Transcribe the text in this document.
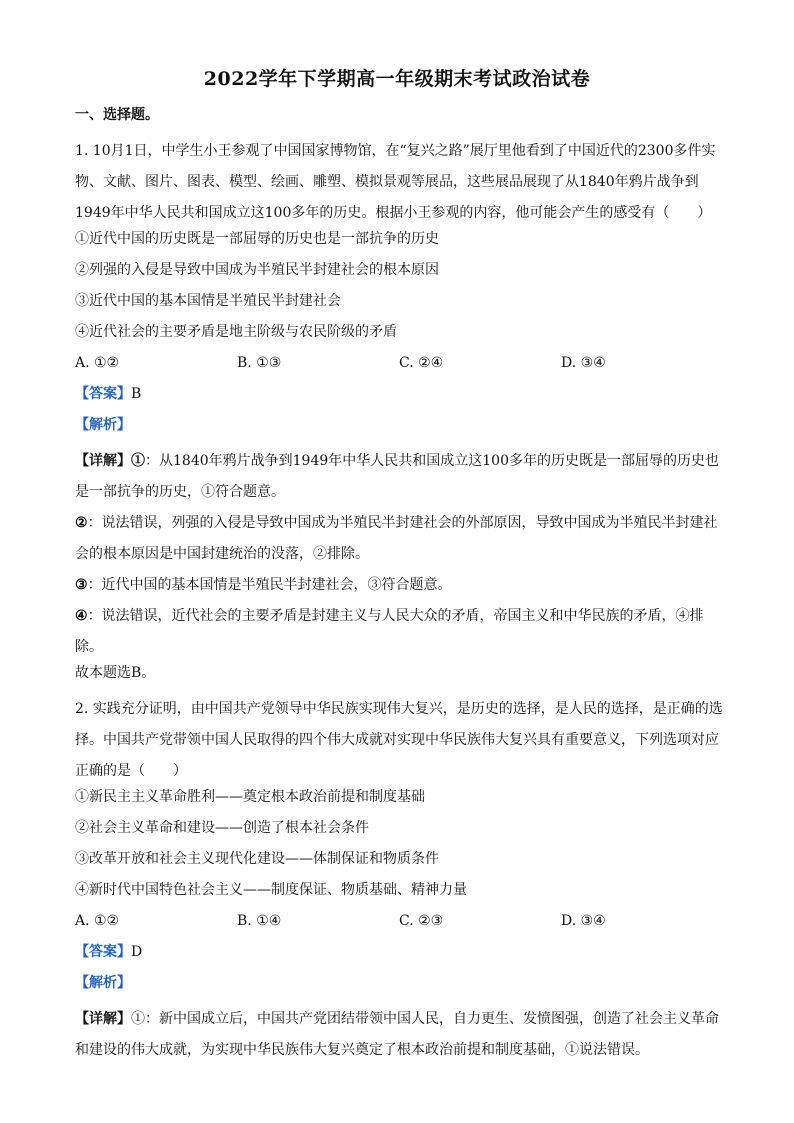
2022学年下学期高一年级期末考试政治试卷
一、选择题。

1. 10月1日，中学生小王参观了中国国家博物馆，在“复兴之路”展厅里他看到了中国近代的2300多件实物、文献、图片、图表、模型、绘画、雕塑、模拟景观等展品，这些展品展现了从1840年鸦片战争到1949年中华人民共和国成立这100多年的历史。根据小王参观的内容，他可能会产生的感受有（　　）

①近代中国的历史既是一部屈辱的历史也是一部抗争的历史
②列强的入侵是导致中国成为半殖民半封建社会的根本原因
③近代中国的基本国情是半殖民半封建社会
④近代社会的主要矛盾是地主阶级与农民阶级的矛盾
A. ①②	B. ①③	C. ②④	D. ③④
【答案】B
【解析】

【详解】①：从1840年鸦片战争到1949年中华人民共和国成立这100多年的历史既是一部屈辱的历史也是一部抗争的历史，①符合题意。

②：说法错误，列强的入侵是导致中国成为半殖民半封建社会的外部原因，导致中国成为半殖民半封建社会的根本原因是中国封建统治的没落，②排除。

③：近代中国的基本国情是半殖民半封建社会，③符合题意。

④：说法错误，近代社会的主要矛盾是封建主义与人民大众的矛盾，帝国主义和中华民族的矛盾，④排除。

故本题选B。

2. 实践充分证明，由中国共产党领导中华民族实现伟大复兴，是历史的选择，是人民的选择，是正确的选择。中国共产党带领中国人民取得的四个伟大成就对实现中华民族伟大复兴具有重要意义，下列选项对应正确的是（　　）

①新民主主义革命胜利——奠定根本政治前提和制度基础
②社会主义革命和建设——创造了根本社会条件
③改革开放和社会主义现代化建设——体制保证和物质条件
④新时代中国特色社会主义——制度保证、物质基础、精神力量
A. ①②	B. ①④	C. ②③	D. ③④
【答案】D
【解析】

【详解】①：新中国成立后，中国共产党团结带领中国人民，自力更生、发愤图强，创造了社会主义革命和建设的伟大成就，为实现中华民族伟大复兴奠定了根本政治前提和制度基础，①说法错误。
